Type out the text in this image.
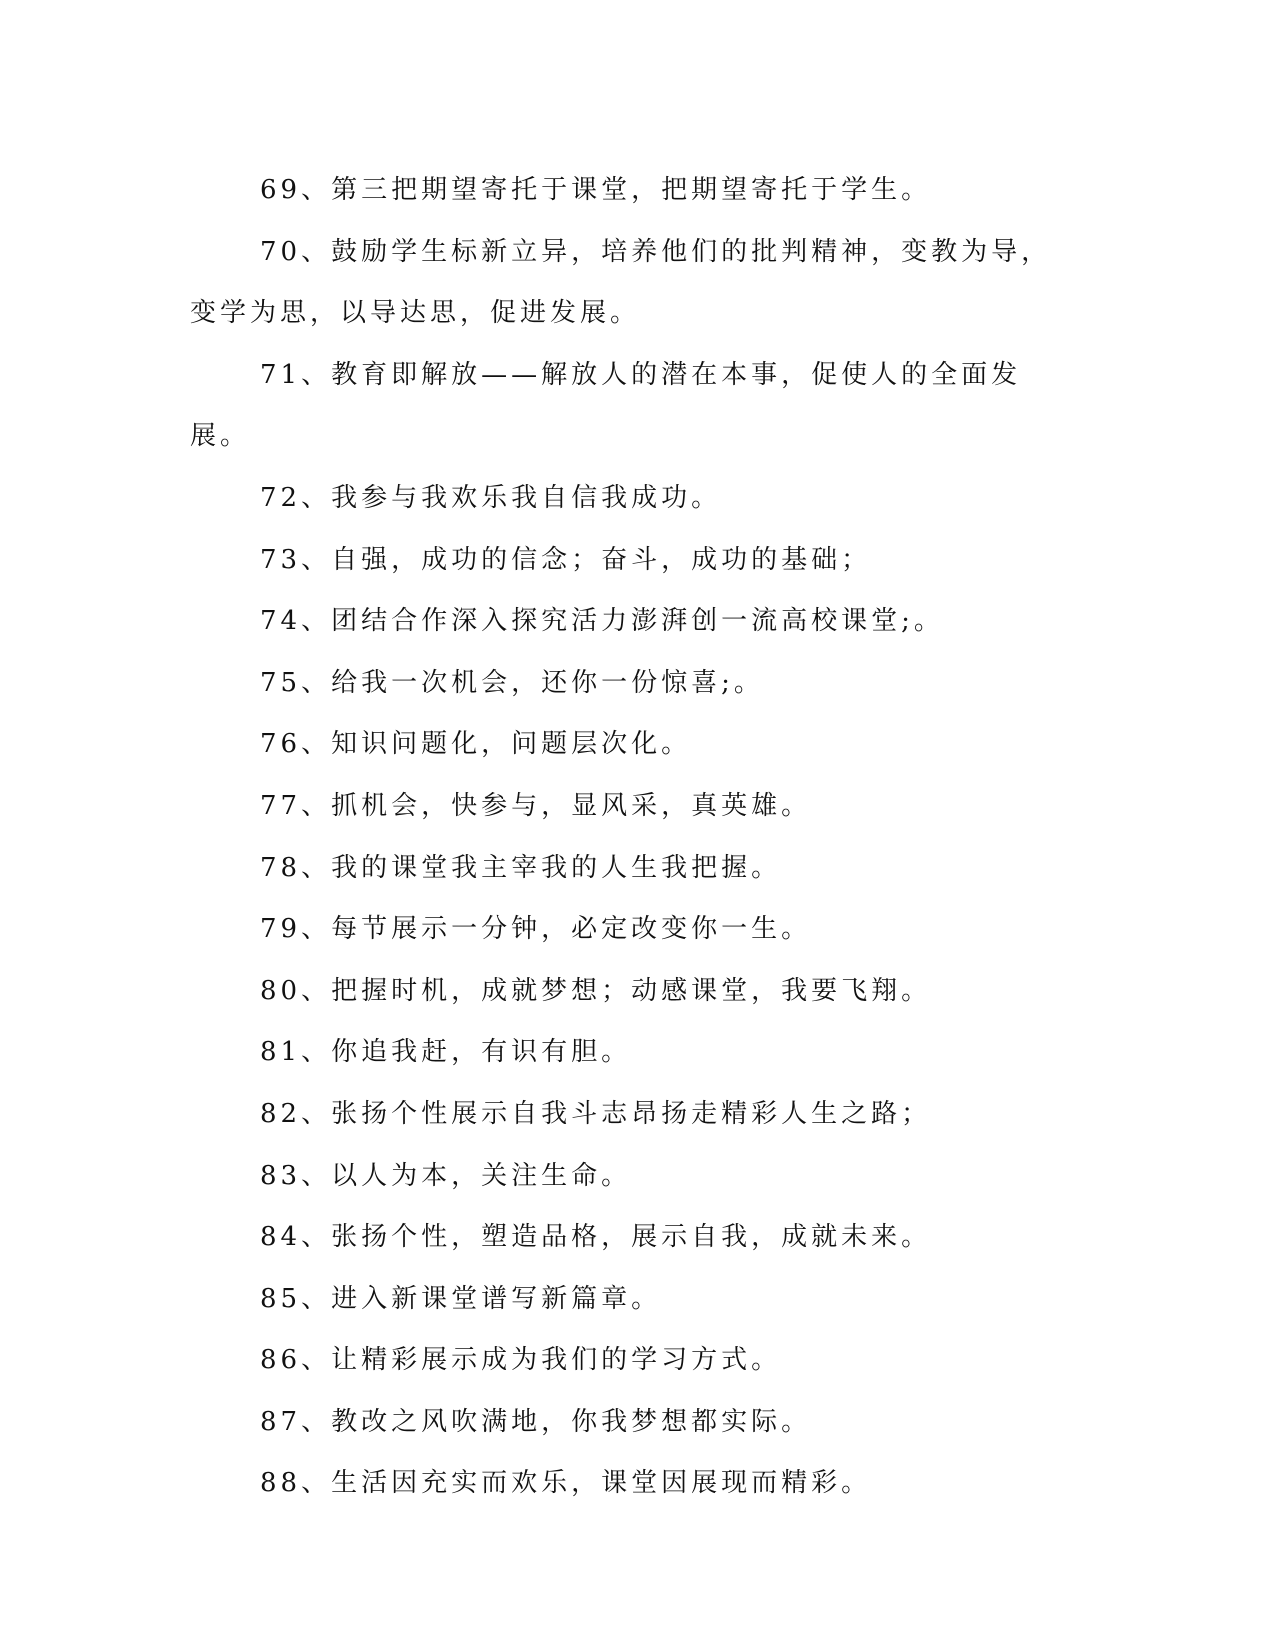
69、第三把期望寄托于课堂，把期望寄托于学生。

70、鼓励学生标新立异，培养他们的批判精神，变教为导，变学为思，以导达思，促进发展。

71、教育即解放——解放人的潜在本事，促使人的全面发展。

72、我参与我欢乐我自信我成功。

73、自强，成功的信念；奋斗，成功的基础；

74、团结合作深入探究活力澎湃创一流高校课堂;。

75、给我一次机会，还你一份惊喜;。

76、知识问题化，问题层次化。

77、抓机会，快参与，显风采，真英雄。

78、我的课堂我主宰我的人生我把握。

79、每节展示一分钟，必定改变你一生。

80、把握时机，成就梦想；动感课堂，我要飞翔。

81、你追我赶，有识有胆。

82、张扬个性展示自我斗志昂扬走精彩人生之路；

83、以人为本，关注生命。

84、张扬个性，塑造品格，展示自我，成就未来。

85、进入新课堂谱写新篇章。

86、让精彩展示成为我们的学习方式。

87、教改之风吹满地，你我梦想都实际。

88、生活因充实而欢乐，课堂因展现而精彩。
